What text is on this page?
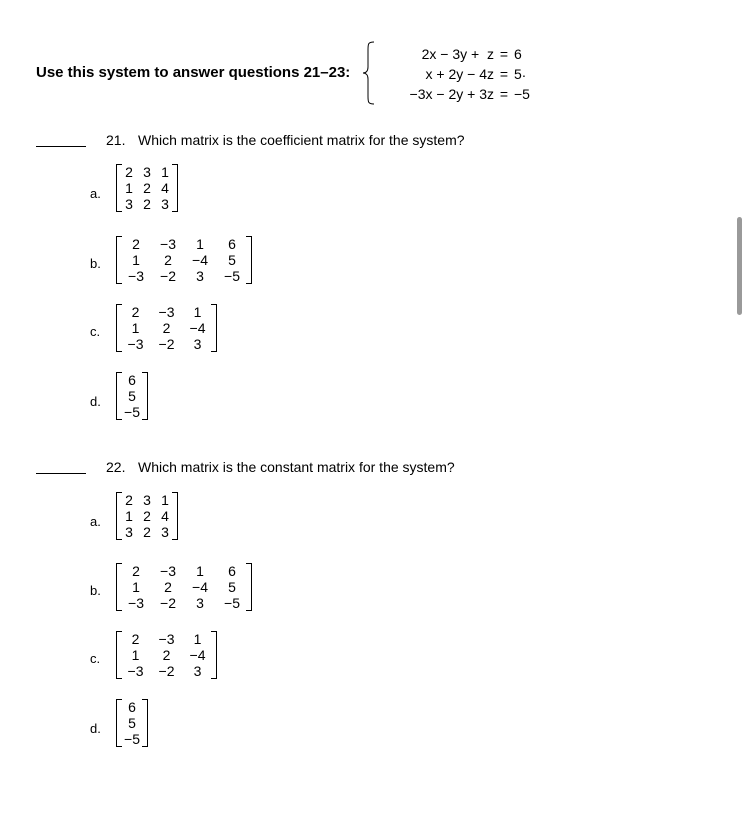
Use this system to answer questions 21–23:
2x − 3y +  z = 6
x + 2y − 4z = 5
−3x − 2y + 3z = −5
.
21. Which matrix is the coefficient matrix for the system?
a.
2 3 1
1 2 4
3 2 3
b.
2	−3	1	6
1	2	−4	5
−3	−2	3	−5
c.
2	−3	1
1	2	−4
−3	−2	3
d.
6
5
−5
22. Which matrix is the constant matrix for the system?
a.
2 3 1
1 2 4
3 2 3
b.
2	−3	1	6
1	2	−4	5
−3	−2	3	−5
c.
2	−3	1
1	2	−4
−3	−2	3
d.
6
5
−5
